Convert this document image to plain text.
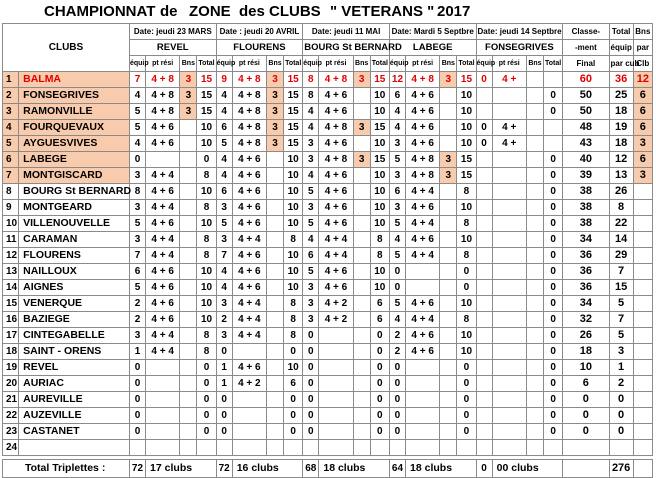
CHAMPIONNAT de ZONE des CLUBS " VETERANS " 2017
		Date: jeudi 23 MARS				Date : jeudi 20 AVRIL				Date: jeudi 11 MAI				Date: Mardi 5 Septbre				Date: jeudi 14 Septbre				Classe-	Total	Bns
CLUBS		REVEL				FLOURENS				BOURG St BERNARD				LABEGE				FONSEGRIVES				-ment	équip	par
		équip	pt rési	Bns	Total	équip	pt rési	Bns	Total	équip	pt rési	Bns	Total	équip	pt rési	Bns	Total	équip	pt rési	Bns	Total	Final	par cub	Clb
1	BALMA	7	4 + 8	3	15	9	4 + 8	3	15	8	4 + 8	3	15	12	4 + 8	3	15	0	4 +			60	36	12
2	FONSEGRIVES	4	4 + 8	3	15	4	4 + 8	3	15	8	4 + 6		10	6	4 + 6		10				0	50	25	6
3	RAMONVILLE	5	4 + 8	3	15	4	4 + 8	3	15	4	4 + 6		10	4	4 + 6		10				0	50	18	6
4	FOURQUEVAUX	5	4 + 6		10	6	4 + 8	3	15	4	4 + 8	3	15	4	4 + 6		10	0	4 +			48	19	6
5	AYGUESVIVES	4	4 + 6		10	5	4 + 8	3	15	3	4 + 6		10	3	4 + 6		10	0	4 +			43	18	3
6	LABEGE	0			0	4	4 + 6		10	3	4 + 8	3	15	5	4 + 8	3	15				0	40	12	6
7	MONTGISCARD	3	4 + 4		8	4	4 + 6		10	4	4 + 6		10	3	4 + 8	3	15				0	39	13	3
8	BOURG St BERNARD	8	4 + 6		10	6	4 + 6		10	5	4 + 6		10	6	4 + 4		8				0	38	26	
9	MONTGEARD	3	4 + 4		8	3	4 + 6		10	3	4 + 6		10	3	4 + 6		10				0	38	8	
10	VILLENOUVELLE	5	4 + 6		10	5	4 + 6		10	5	4 + 6		10	5	4 + 4		8				0	38	22	
11	CARAMAN	3	4 + 4		8	3	4 + 4		8	4	4 + 4		8	4	4 + 6		10				0	34	14	
12	FLOURENS	7	4 + 4		8	7	4 + 6		10	6	4 + 4		8	5	4 + 4		8				0	36	29	
13	NAILLOUX	6	4 + 6		10	4	4 + 6		10	5	4 + 6		10	0			0				0	36	7	
14	AIGNES	5	4 + 6		10	4	4 + 6		10	3	4 + 6		10	0			0				0	36	15	
15	VENERQUE	2	4 + 6		10	3	4 + 4		8	3	4 + 2		6	5	4 + 6		10				0	34	5	
16	BAZIEGE	2	4 + 6		10	2	4 + 4		8	3	4 + 2		6	4	4 + 4		8				0	32	7	
17	CINTEGABELLE	3	4 + 4		8	3	4 + 4		8	0			0	2	4 + 6		10				0	26	5	
18	SAINT - ORENS	1	4 + 4		8	0			0	0			0	2	4 + 6		10				0	18	3	
19	REVEL	0			0	1	4 + 6		10	0			0	0			0				0	10	1	
20	AURIAC	0			0	1	4 + 2		6	0			0	0			0				0	6	2	
21	AUREVILLE	0			0	0			0	0			0	0			0				0	0	0	
22	AUZEVILLE	0			0	0			0	0			0	0			0				0	0	0	
23	CASTANET	0			0	0			0	0			0	0			0				0	0	0	
24																								

Total Triplettes :		72	17 clubs			72	16 clubs			68	18 clubs			64	18 clubs			0	00 clubs				276	
